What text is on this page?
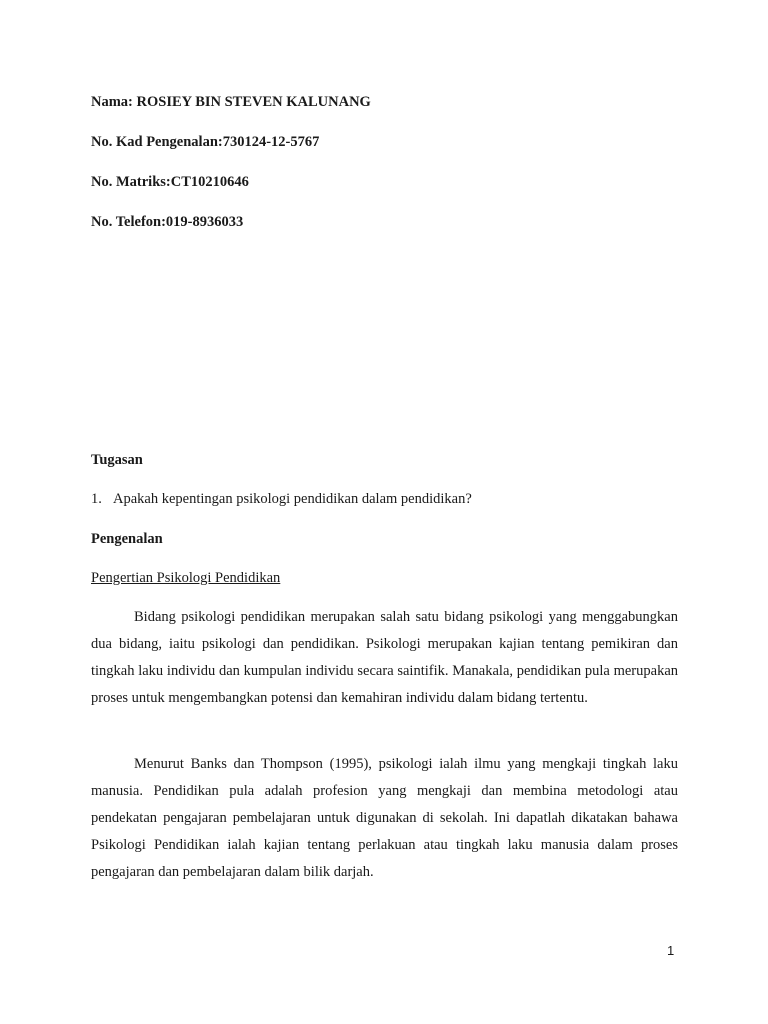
Nama: ROSIEY BIN STEVEN KALUNANG
No. Kad Pengenalan:730124-12-5767
No. Matriks:CT10210646
No. Telefon:019-8936033
Tugasan
1. Apakah kepentingan psikologi pendidikan dalam pendidikan?
Pengenalan
Pengertian Psikologi Pendidikan
Bidang psikologi pendidikan merupakan salah satu bidang psikologi yang menggabungkan dua bidang, iaitu psikologi dan pendidikan. Psikologi merupakan kajian tentang pemikiran dan tingkah laku individu dan kumpulan individu secara saintifik. Manakala, pendidikan pula merupakan proses untuk mengembangkan potensi dan kemahiran individu dalam bidang tertentu.
Menurut Banks dan Thompson (1995), psikologi ialah ilmu yang mengkaji tingkah laku manusia. Pendidikan pula adalah profesion yang mengkaji dan membina metodologi atau pendekatan pengajaran pembelajaran untuk digunakan di sekolah. Ini dapatlah dikatakan bahawa Psikologi Pendidikan ialah kajian tentang perlakuan atau tingkah laku manusia dalam proses pengajaran dan pembelajaran dalam bilik darjah.
1
